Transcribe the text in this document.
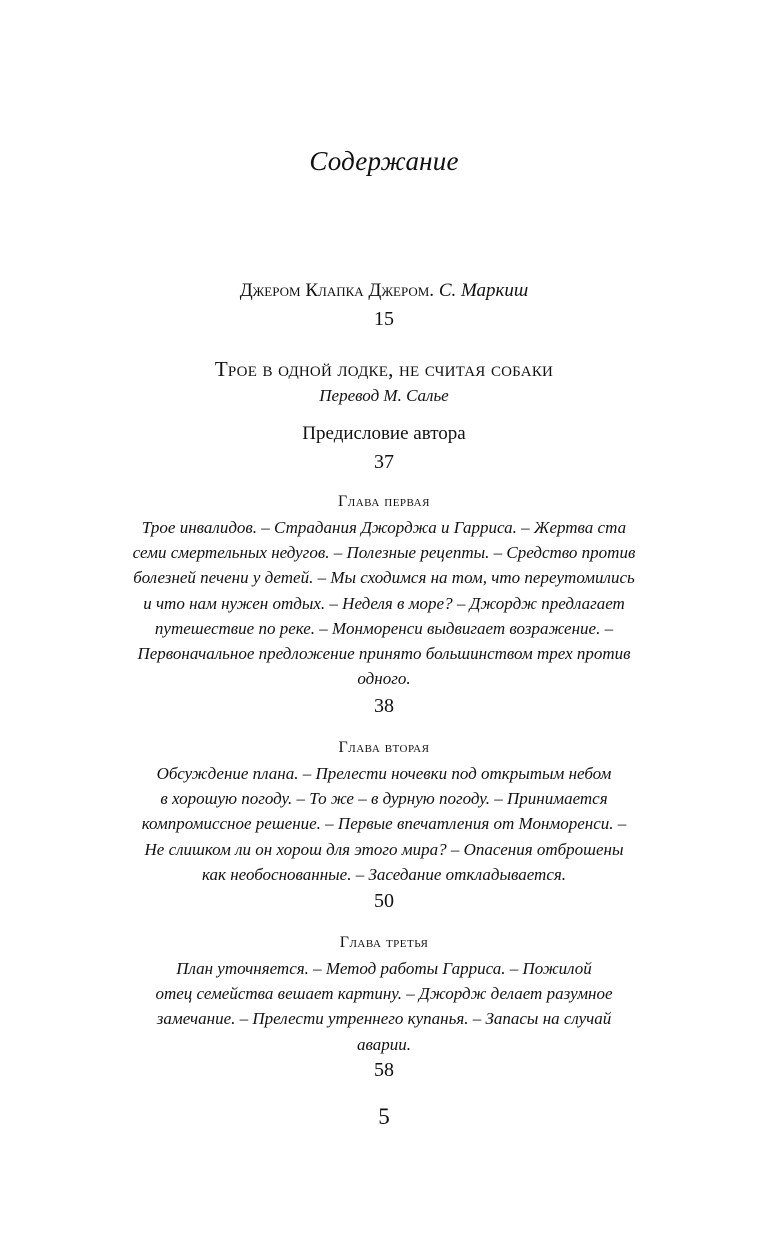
Содержание
Джером Клапка Джером. С. Маркиш
15
Трое в одной лодке, не считая собаки
Перевод М. Салье
Предисловие автора
37
Глава первая
Трое инвалидов. – Страдания Джорджа и Гарриса. – Жертва ста
семи смертельных недугов. – Полезные рецепты. – Средство против
болезней печени у детей. – Мы сходимся на том, что переутомились
и что нам нужен отдых. – Неделя в море? – Джордж предлагает
путешествие по реке. – Монморенси выдвигает возражение. –
Первоначальное предложение принято большинством трех против
одного.
38
Глава вторая
Обсуждение плана. – Прелести ночевки под открытым небом
в хорошую погоду. – То же – в дурную погоду. – Принимается
компромиссное решение. – Первые впечатления от Монморенси. –
Не слишком ли он хорош для этого мира? – Опасения отброшены
как необоснованные. – Заседание откладывается.
50
Глава третья
План уточняется. – Метод работы Гарриса. – Пожилой
отец семейства вешает картину. – Джордж делает разумное
замечание. – Прелести утреннего купанья. – Запасы на случай
аварии.
58
5
